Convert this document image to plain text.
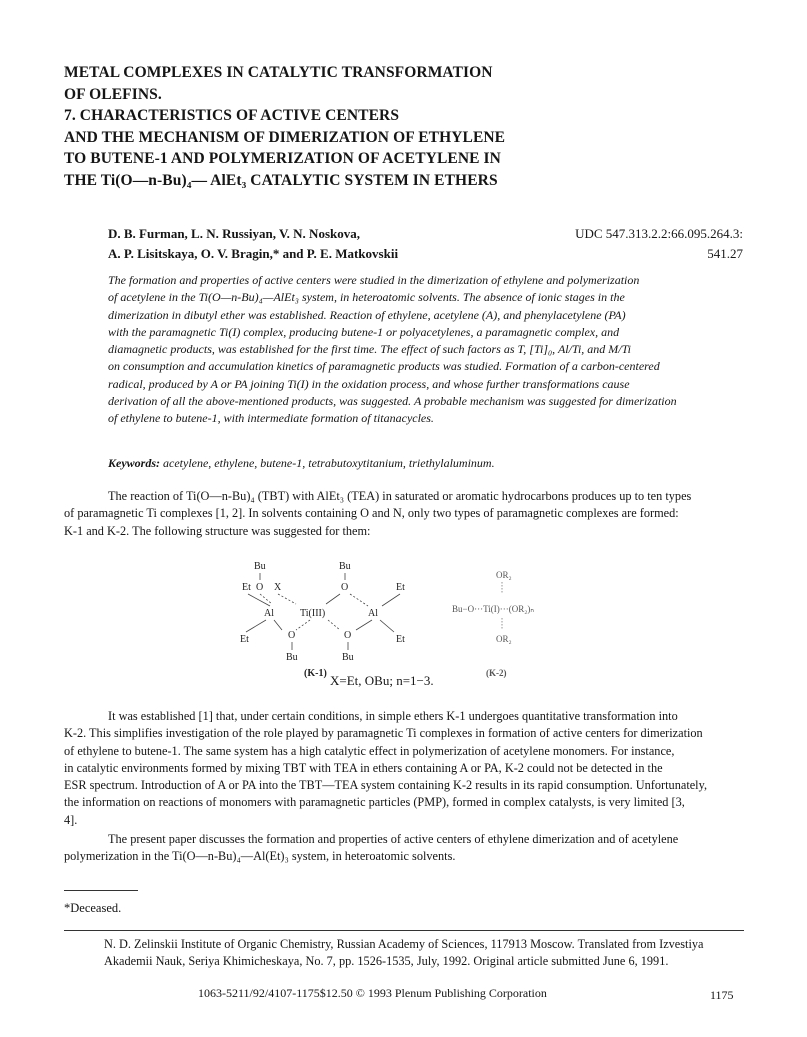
METAL COMPLEXES IN CATALYTIC TRANSFORMATION
OF OLEFINS.
7. CHARACTERISTICS OF ACTIVE CENTERS
AND THE MECHANISM OF DIMERIZATION OF ETHYLENE
TO BUTENE-1 AND POLYMERIZATION OF ACETYLENE IN
THE Ti(O—n-Bu)₄— AlEt₃ CATALYTIC SYSTEM IN ETHERS
D. B. Furman, L. N. Russiyan, V. N. Noskova,
A. P. Lisitskaya, O. V. Bragin,* and P. E. Matkovskii
UDC 547.313.2.2:66.095.264.3:
541.27
The formation and properties of active centers were studied in the dimerization of ethylene and polymerization
of acetylene in the Ti(O—n-Bu)₄—AlEt₃ system, in heteroatomic solvents. The absence of ionic stages in the
dimerization in dibutyl ether was established. Reaction of ethylene, acetylene (A), and phenylacetylene (PA)
with the paramagnetic Ti(I) complex, producing butene-1 or polyacetylenes, a paramagnetic complex, and
diamagnetic products, was established for the first time. The effect of such factors as T, [Ti]₀, Al/Ti, and M/Ti
on consumption and accumulation kinetics of paramagnetic products was studied. Formation of a carbon-centered
radical, produced by A or PA joining Ti(I) in the oxidation process, and whose further transformations cause
derivation of all the above-mentioned products, was suggested. A probable mechanism was suggested for dimerization
of ethylene to butene-1, with intermediate formation of titanacycles.
Keywords: acetylene, ethylene, butene-1, tetrabutoxytitanium, triethylaluminum.
The reaction of Ti(O—n-Bu)₄ (TBT) with AlEt₃ (TEA) in saturated or aromatic hydrocarbons produces up to ten types
of paramagnetic Ti complexes [1, 2]. In solvents containing O and N, only two types of paramagnetic complexes are formed:
K-1 and K-2. The following structure was suggested for them:
Bu	Bu
Et O X	O	Et
Al	Ti(III)	Al
Et	O	O	Et
Bu	Bu
(K-1)
OR₂
Bu−O···Ti(I)···(OR₂)ₙ
OR₂
(K-2)
X=Et, OBu; n=1−3.
It was established [1] that, under certain conditions, in simple ethers K-1 undergoes quantitative transformation into
K-2. This simplifies investigation of the role played by paramagnetic Ti complexes in formation of active centers for dimerization
of ethylene to butene-1. The same system has a high catalytic effect in polymerization of acetylene monomers. For instance,
in catalytic environments formed by mixing TBT with TEA in ethers containing A or PA, K-2 could not be detected in the
ESR spectrum. Introduction of A or PA into the TBT—TEA system containing K-2 results in its rapid consumption. Unfortunately,
the information on reactions of monomers with paramagnetic particles (PMP), formed in complex catalysts, is very limited [3,
4].
The present paper discusses the formation and properties of active centers of ethylene dimerization and of acetylene
polymerization in the Ti(O—n-Bu)₄—Al(Et)₃ system, in heteroatomic solvents.
*Deceased.
N. D. Zelinskii Institute of Organic Chemistry, Russian Academy of Sciences, 117913 Moscow. Translated from Izvestiya
Akademii Nauk, Seriya Khimicheskaya, No. 7, pp. 1526-1535, July, 1992. Original article submitted June 6, 1991.
1063-5211/92/4107-1175$12.50 © 1993 Plenum Publishing Corporation	1175
